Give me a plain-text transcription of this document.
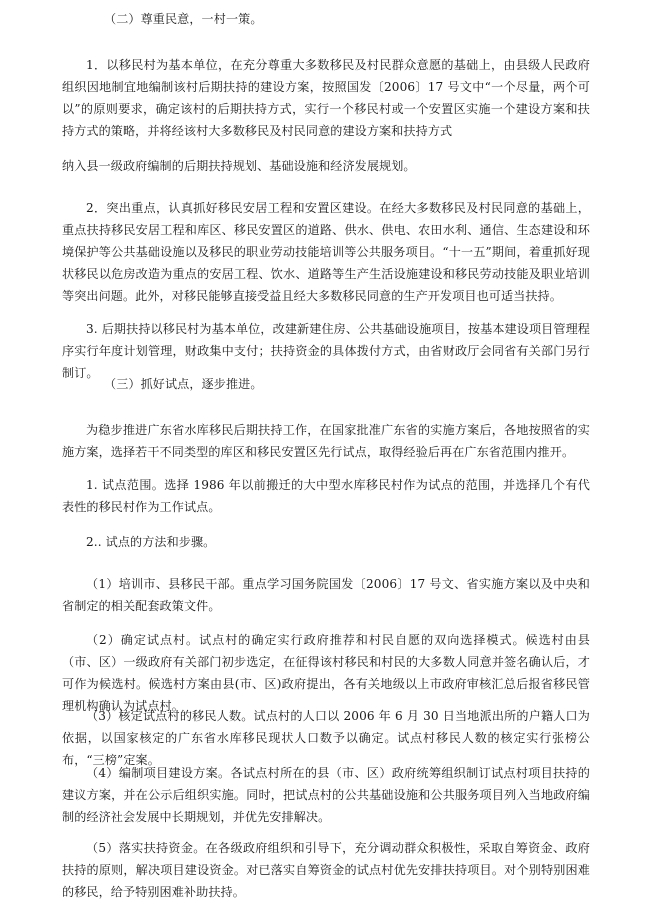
（二）尊重民意，一村一策。

1．以移民村为基本单位，在充分尊重大多数移民及村民群众意愿的基础上，由县级人民政府组织因地制宜地编制该村后期扶持的建设方案，按照国发〔2006〕17 号文中“一个尽量，两个可以”的原则要求，确定该村的后期扶持方式，实行一个移民村或一个安置区实施一个建设方案和扶持方式的策略，并将经该村大多数移民及村民同意的建设方案和扶持方式

纳入县一级政府编制的后期扶持规划、基础设施和经济发展规划。

2．突出重点，认真抓好移民安居工程和安置区建设。在经大多数移民及村民同意的基础上，重点扶持移民安居工程和库区、移民安置区的道路、供水、供电、农田水利、通信、生态建设和环境保护等公共基础设施以及移民的职业劳动技能培训等公共服务项目。“十一五”期间，着重抓好现状移民以危房改造为重点的安居工程、饮水、道路等生产生活设施建设和移民劳动技能及职业培训等突出问题。此外，对移民能够直接受益且经大多数移民同意的生产开发项目也可适当扶持。

3. 后期扶持以移民村为基本单位，改建新建住房、公共基础设施项目，按基本建设项目管理程序实行年度计划管理，财政集中支付；扶持资金的具体拨付方式，由省财政厅会同省有关部门另行制订。

（三）抓好试点，逐步推进。

为稳步推进广东省水库移民后期扶持工作，在国家批准广东省的实施方案后，各地按照省的实施方案，选择若干不同类型的库区和移民安置区先行试点，取得经验后再在广东省范围内推开。

1. 试点范围。选择 1986 年以前搬迁的大中型水库移民村作为试点的范围，并选择几个有代表性的移民村作为工作试点。

2.. 试点的方法和步骤。

（1）培训市、县移民干部。重点学习国务院国发〔2006〕17 号文、省实施方案以及中央和省制定的相关配套政策文件。

（2）确定试点村。试点村的确定实行政府推荐和村民自愿的双向选择模式。候选村由县（市、区）一级政府有关部门初步选定，在征得该村移民和村民的大多数人同意并签名确认后，才可作为候选村。候选村方案由县(市、区)政府提出，各有关地级以上市政府审核汇总后报省移民管理机构确认为试点村。

（3）核定试点村的移民人数。试点村的人口以 2006 年 6 月 30 日当地派出所的户籍人口为依据，以国家核定的广东省水库移民现状人口数予以确定。试点村移民人数的核定实行张榜公布，“三榜”定案。

（4）编制项目建设方案。各试点村所在的县（市、区）政府统筹组织制订试点村项目扶持的建议方案，并在公示后组织实施。同时，把试点村的公共基础设施和公共服务项目列入当地政府编制的经济社会发展中长期规划，并优先安排解决。

（5）落实扶持资金。在各级政府组织和引导下，充分调动群众积极性，采取自筹资金、政府扶持的原则，解决项目建设资金。对已落实自筹资金的试点村优先安排扶持项目。对个别特别困难的移民，给予特别困难补助扶持。
